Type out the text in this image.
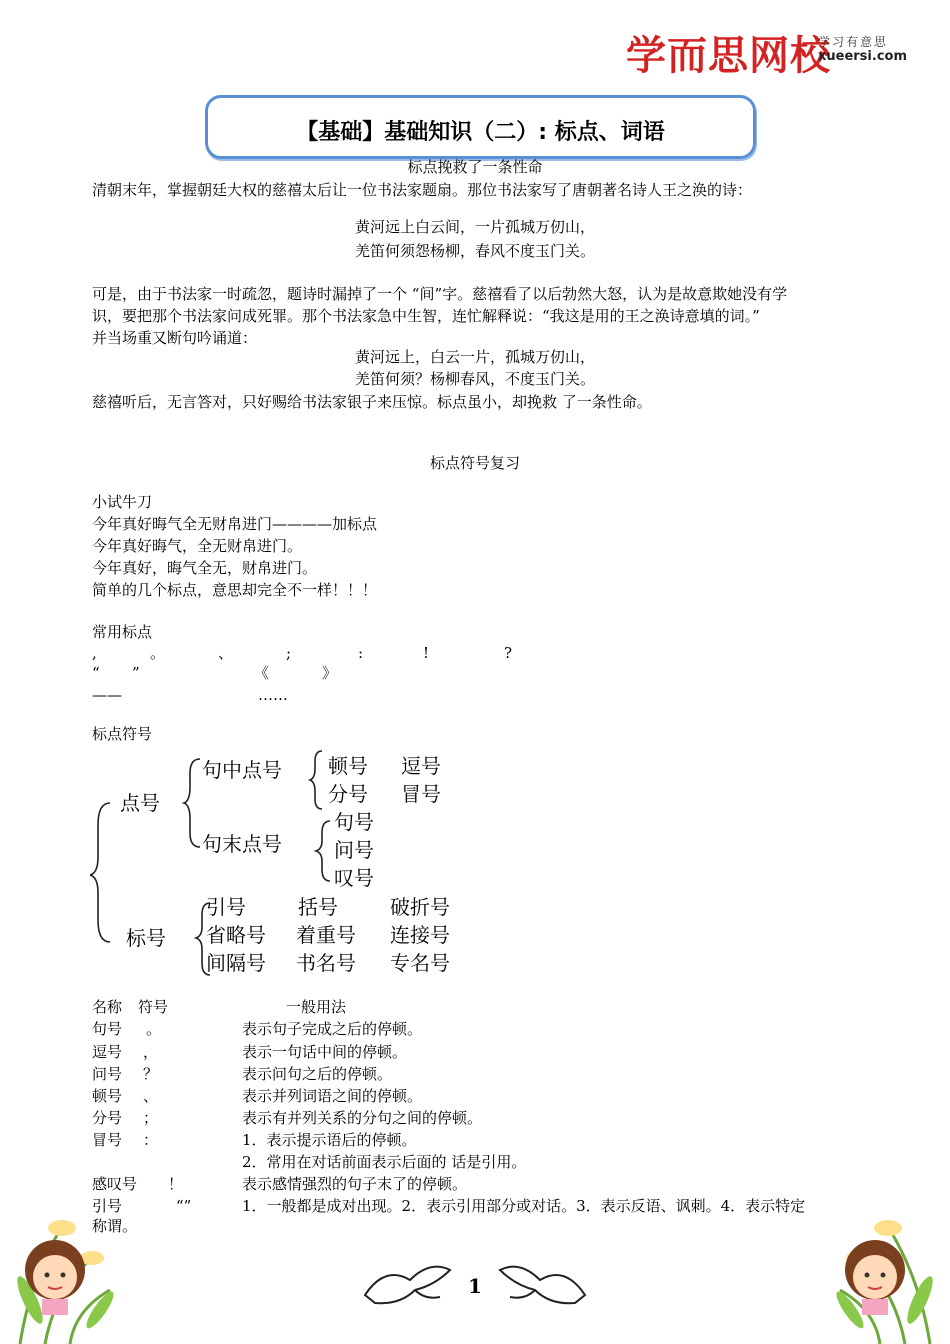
学而思网校
学习有意思
xueersi.com
【基础】基础知识（二）: 标点、词语
标点挽救了一条性命
清朝末年，掌握朝廷大权的慈禧太后让一位书法家题扇。那位书法家写了唐朝著名诗人王之涣的诗：
黄河远上白云间，一片孤城万仞山，
羌笛何须怨杨柳，春风不度玉门关。
可是，由于书法家一时疏忽，题诗时漏掉了一个 “间”字。慈禧看了以后勃然大怒，认为是故意欺她没有学
识，要把那个书法家问成死罪。那个书法家急中生智，连忙解释说：“我这是用的王之涣诗意填的词。”
并当场重又断句吟诵道：
黄河远上，白云一片，孤城万仞山，
羌笛何须？杨柳春风，不度玉门关。
慈禧听后，无言答对，只好赐给书法家银子来压惊。标点虽小，却挽救 了一条性命。
标点符号复习
小试牛刀
今年真好晦气全无财帛进门————加标点
今年真好晦气，全无财帛进门。
今年真好，晦气全无，财帛进门。
简单的几个标点，意思却完全不一样！！！
常用标点
,	。	、	;	:	!	?
“ ”	《	》
——	……
标点符号
点号
句中点号 顿号 逗号
分号 冒号
句末点号
句号
问号
叹号
标号
引号	括号	破折号
省略号 着重号 连接号
间隔号 书名号 专名号
名称 符号	一般用法
句号 。	表示句子完成之后的停顿。
逗号 ，	表示一句话中间的停顿。
问号 ？	表示问句之后的停顿。
顿号 、	表示并列词语之间的停顿。
分号 ；	表示有并列关系的分句之间的停顿。
冒号 ：	1．表示提示语后的停顿。
2．常用在对话前面表示后面的 话是引用。
感叹号 ！	表示感情强烈的句子末了的停顿。
引号	“”	1．一般都是成对出现。2．表示引用部分或对话。3．表示反语、讽刺。4．表示特定
称谓。
1
